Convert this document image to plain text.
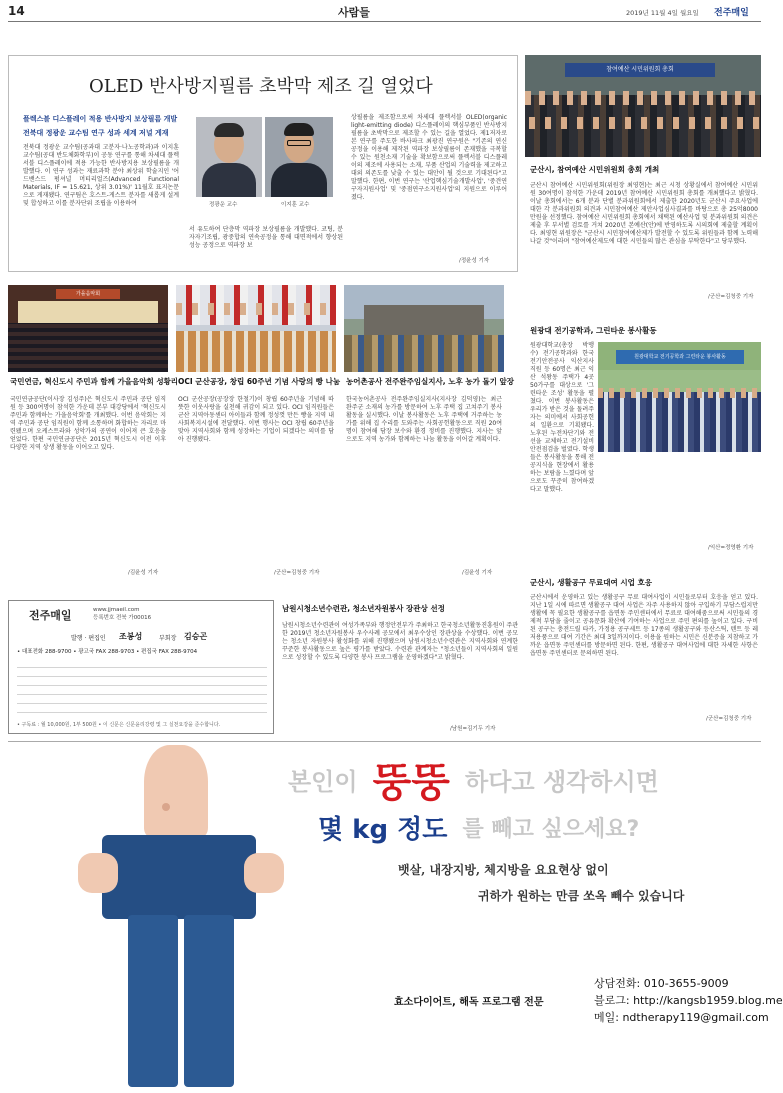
14	사람들	2019년 11월 4일 월요일 전주매일
OLED 반사방지필름 초박막 제조 길 열었다
플렉스블 디스플레이 적용 반사방지 보상필름 개발
전북대 정광운 교수팀 연구 성과 세계 저널 게재
전북대 정광운 교수팀(공과대 고분자·나노공학과)과 이지훈 교수팀(공대 반도체화학부)이 공동 연구를 통해 차세대 플렉서블 디스플레이에 적용 가능한 반사방지용 보상필름을 개발했다. 이 연구 성과는 재료과학 분야 최상위 학술지인 '어드밴스드 펑셔널 머티리얼즈(Advanced Functional Materials, IF = 15.621, 상위 3.01%)' 11월호 표지논문으로 게재됐다. 연구팀은 호스트-게스트 분자를 새롭게 설계 및 합성하고 이를 분자단위 조립을 이용하여	정광운 교수	이지훈 교수
서 유도하여 단층막 역파장 보상필름을 개발했다. 코팅, 분자자기조립, 광중합의 연속공정을 통해 대면적에서 향상된 성능 공정으로 역파장 보
상필름을 제조함으로써 차세대 플렉서블 OLED(organic light-emitting diode) 디스플레이의 핵심부품인 반사방지 필름을 초박막으로 제조할 수 있는 길을 열었다. 제1저자로 본 연구를 주도한 바사파크 최광진 연구원은 "기존의 연신 공정을 이용해 제작된 역파장 보상필름이 존재했을 극복할 수 있는 원천소재 기술을 확보함으로써 플렉서블 디스플레이의 제조에 사용되는 소재, 부품 산업의 기술력을 제고하고 대외 의존도를 낮출 수 있는 대안이 될 것으로 기대된다"고 말했다. 한편, 이번 연구는 '산업핵심기술개발사업', '중견연구자지원사업' 및 '중점연구소지원사업'의 지원으로 이루어졌다.
/정윤성 기자
참여예산 시민위원회 총회
군산시, 참여예산 시민위원회 총회 개최
군산시 참여예산 시민위원회(위원장 최영현)는 최근 시청 상황실에서 참여예산 시민위원 30여명이 참석한 가운데 2019년 참여예산 시민위원회 총회를 개최했다고 밝혔다. 이날 총회에서는 6개 분과 단별 분과위원회에서 제출한 2020년도 군산시 주요사업에 대한 각 분과위원회 의견과 시민참여예산 제안사업심사결과를 바탕으로 총 25억8000만원을 선정했다. 참여예산 시민위원회 총회에서 채택된 예산사업 및 분과위원회 의견은 제출 후 부서별 검토를 거쳐 2020년 본예산(안)에 반영하도록 시의회에 제출할 계획이다. 최영현 위원장은 "군산시 시민참여예산제가 발전할 수 있도록 위원들과 함께 노력해 나갈 것"이라며 "참여예산제도에 대한 시민들의 많은 관심을 부탁한다"고 당부했다.
/군산=김청중 기자
원광대 전기공학과, 그린타운 봉사활동
원광대학교(총장 박맹수) 전기공학과와 한국전기안전공사 익산지사 직원 등 60명은 최근 익산 석왕동 주택가 4곳 50가구를 대상으로 '그린타운 조성' 활동을 펼쳤다. 이번 봉사활동은 우리가 받은 것을 돌려주자는 의미에서 사회공헌의 일환으로 기획됐다. 노후된 누전차단기와 전선을 교체하고 전기설비 안전점검을 벌였다. 학생들은 봉사활동을 통해 전공지식을 현장에서 활용하는 보람을 느꼈다며 앞으로도 꾸준히 참여하겠다고 말했다.
원광대학교 전기공학과 그린타운 봉사활동
/익산=정영환 기자
군산시, 생활공구 무료대여 시업 호응
군산시에서 운영하고 있는 생활공구 무료 대여사업이 시민들로부터 호응을 얻고 있다. 지난 1일 시에 따르면 생활공구 대여 사업은 자주 사용하지 않아 구입하기 부담스럽지만 생활에 꼭 필요한 생활공구를 읍면동 주민센터에서 무료로 대여해줌으로써 시민들의 경제적 부담을 줄이고 공유문화 확산에 기여하는 사업으로 주민 편의를 높이고 있다. 구비된 공구는 충전드릴 타카, 가정용 공구세트 등 17종의 생활공구와 등산스틱, 텐트 등 레저용품으로 대여 기간은 최대 3일까지이다. 이용을 원하는 시민은 신분증을 지참하고 가까운 읍면동 주민센터를 방문하면 된다. 한편, 생활공구 대여사업에 대한 자세한 사항은 읍면동 주민센터로 문의하면 된다.
/군산=김청중 기자
가을음악회
국민연금, 혁신도시 주민과 함께 가을음악회 성황리 OCI 군산공장, 창립 60주년 기념 사랑의 빵 나눔 농어촌공사 전주완주임실지사, 노후 농가 돌기 앞장
국민연금공단(이사장 김성주)은 혁신도시 주민과 공단 임직원 등 300여명이 참석한 가운데 본부 대강당에서 '혁신도시 주민과 함께하는 가을음악회'를 개최했다. 이번 음악회는 지역 주민과 공단 임직원이 함께 소통하며 화합하는 자리로 마련됐으며 오케스트라와 성악가의 공연이 이어져 큰 호응을 얻었다. 한편 국민연금공단은 2015년 혁신도시 이전 이후 다양한 지역 상생 활동을 이어오고 있다.
OCI 군산공장(공장장 한철기)이 창립 60주년을 기념해 따뜻한 이웃사랑을 실천해 귀감이 되고 있다. OCI 임직원들은 군산 지역아동센터 아이들과 함께 정성껏 만든 빵을 지역 내 사회복지시설에 전달했다. 이번 행사는 OCI 창립 60주년을 맞아 지역사회와 함께 성장하는 기업이 되겠다는 의미를 담아 진행됐다.
한국농어촌공사 전주완주임실지사(지사장 김덕영)는 최근 완주군 소재의 농가를 방문하여 노후 주택 집 고쳐주기 봉사활동을 실시했다. 이날 봉사활동은 노후 주택에 거주하는 농가를 위해 집 수리를 도와주는 사회공헌활동으로 직원 20여명이 참여해 담장 보수와 환경 정비를 진행했다. 지사는 앞으로도 지역 농가와 함께하는 나눔 활동을 이어갈 계획이다.
/김윤성 기자	/군산=김청중 기자	/김윤성 기자
전주매일	www.jjmaeil.com
등록번호 전북 가00016
발행 · 편집인 조봉성	부회장 김승곤
• 대표전화 288-9700 • 광고국 FAX 288-9703 • 편집국 FAX 288-9704
• 구독료 : 월 10,000원, 1부 500원 • 이 신문은 신문윤리강령 및 그 실천요강을 준수합니다.
남원시청소년수련관, 청소년자원봉사 장관상 선정
남원시청소년수련관이 여성가족부와 행정안전부가 주최하고 한국청소년활동진흥원이 주관한 2019년 청소년자원봉사 우수사례 공모에서 최우수상인 장관상을 수상했다. 이번 공모는 청소년 자원봉사 활성화를 위해 진행됐으며 남원시청소년수련관은 지역사회와 연계한 꾸준한 봉사활동으로 높은 평가를 받았다. 수련관 관계자는 "청소년들이 지역사회의 일원으로 성장할 수 있도록 다양한 봉사 프로그램을 운영하겠다"고 밝혔다.
/남원=김기두 기자
본인이 뚱뚱 하다고 생각하시면
몇 kg 정도 를 빼고 싶으세요?
뱃살, 내장지방, 체지방을 요요현상 없이
귀하가 원하는 만큼 쏘옥 빼수 있습니다
효소다이어트, 해독 프로그램 전문
상담전화: 010-3655-9009
블로그: http://kangsb1959.blog.me
메일: ndtherapy119@gmail.com
